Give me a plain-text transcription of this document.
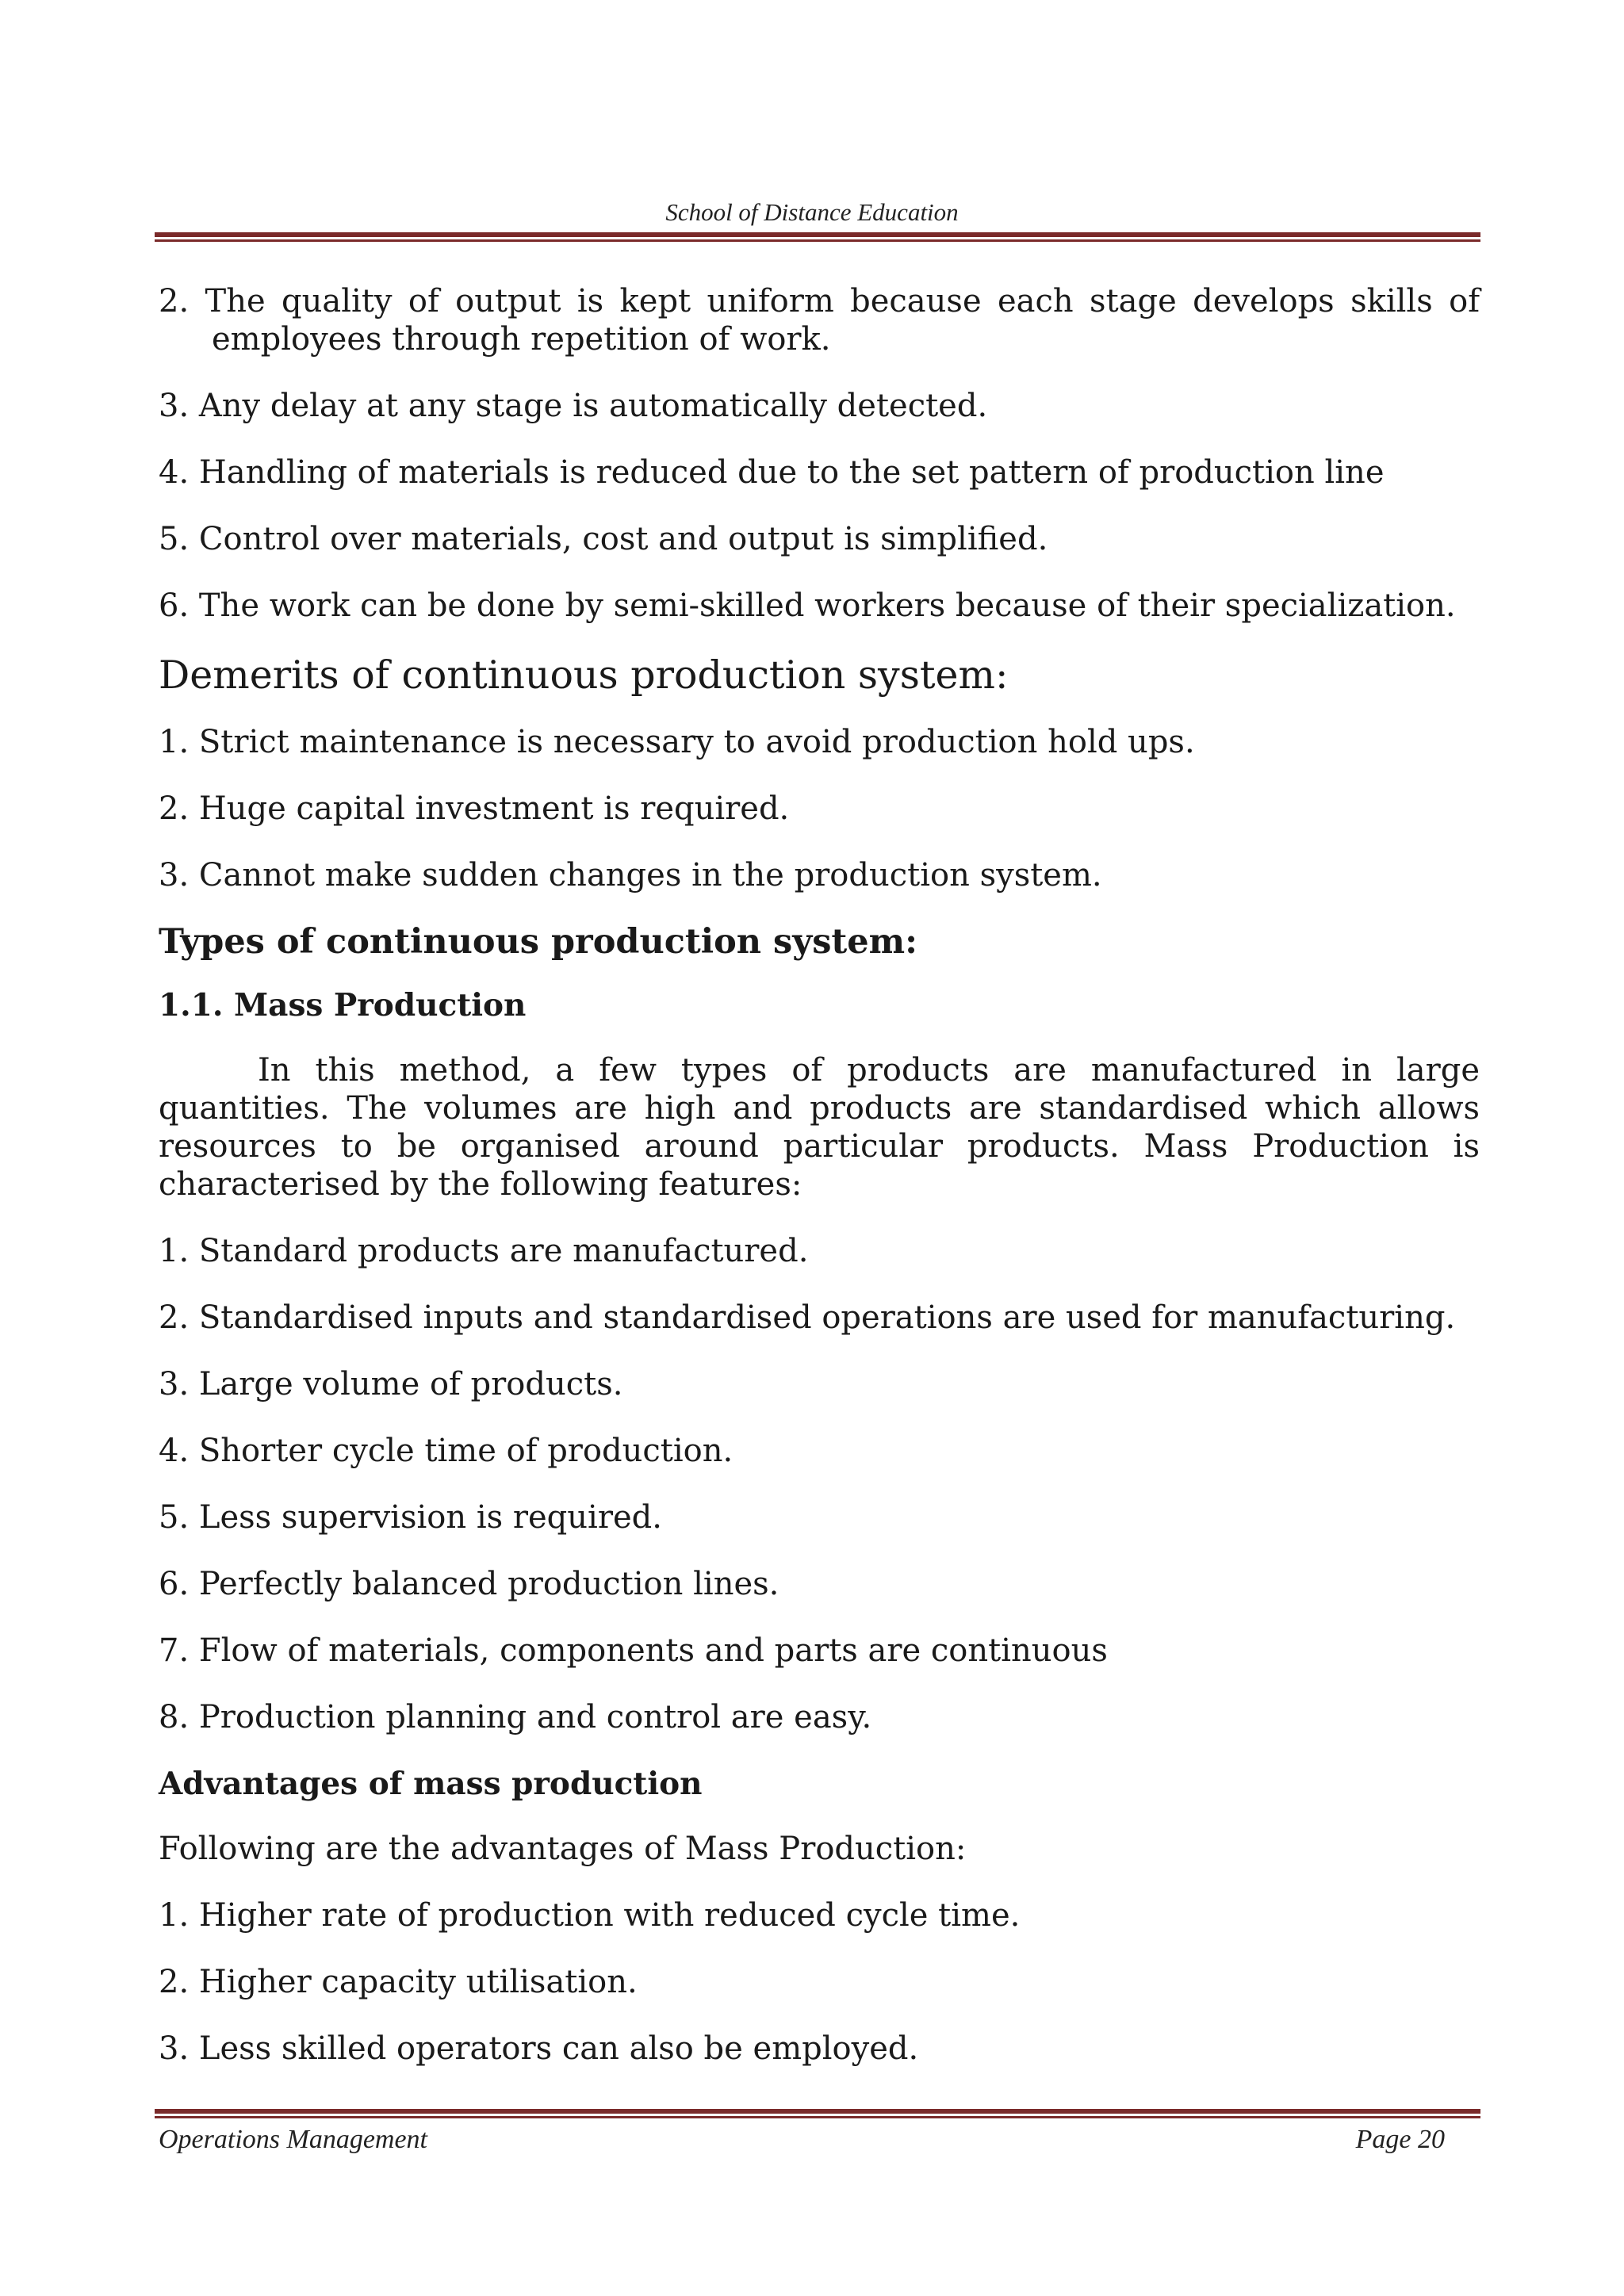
School of Distance Education
2. The quality of output is kept uniform because each stage develops skills of employees through repetition of work.
3. Any delay at any stage is automatically detected.
4. Handling of materials is reduced due to the set pattern of production line
5. Control over materials, cost and output is simplified.
6. The work can be done by semi-skilled workers because of their specialization.
Demerits of continuous production system:
1. Strict maintenance is necessary to avoid production hold ups.
2. Huge capital investment is required.
3. Cannot make sudden changes in the production system.
Types of continuous production system:
1.1. Mass Production
In this method, a few types of products are manufactured in large quantities. The volumes are high and products are standardised which allows resources to be organised around particular products. Mass Production is characterised by the following features:
1. Standard products are manufactured.
2. Standardised inputs and standardised operations are used for manufacturing.
3. Large volume of products.
4. Shorter cycle time of production.
5. Less supervision is required.
6. Perfectly balanced production lines.
7. Flow of materials, components and parts are continuous
8. Production planning and control are easy.
Advantages of mass production
Following are the advantages of Mass Production:
1. Higher rate of production with reduced cycle time.
2. Higher capacity utilisation.
3. Less skilled operators can also be employed.
Operations Management	Page 20
